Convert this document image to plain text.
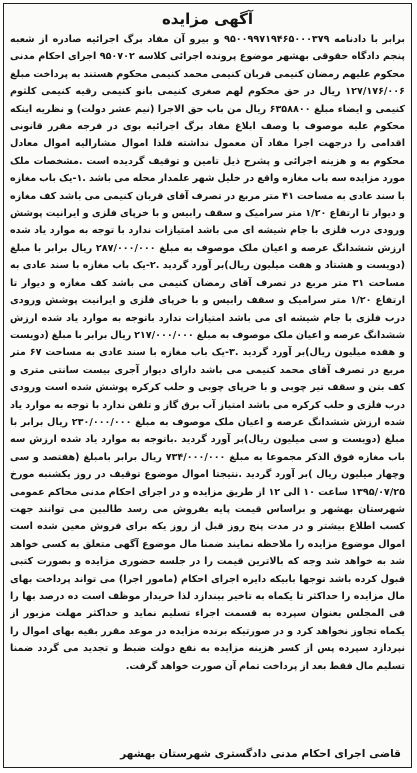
آگهی مزایده
برابر با دادنامه ۹۵۰۰۹۹۷۱۹۴۶۵۰۰۰۳۷۹ و بیرو آن مفاد برگ اجرائیه صادره از شعبه پنجم دادگاه حقوقی بهشهر موضوع پرونده اجرائی کلاسه ۹۵۰۷۰۲ اجرای احکام مدنی محکوم علیهم رمضان کنیمی قربان کنیمی محمد کنیمی محکوم هستند به پرداخت مبلغ ۱۲۷/۱۷۶/۰۰۶ ریال در حق محکوم لهم صغری کنیمی بانو کنیمی رقیه کنیمی کلثوم کنیمی و ایضاء مبلغ ۶۳۵۸۸۰۰ ریال من باب حق الاجرا (نیم عشر دولت) و نظریه اینکه محکوم علیه موصوف با وصف ابلاغ مفاد برگ اجرائیه بوی در فرجه مقرر قانونی اقدامی را درجهت اجرا مفاد آن معمول نداشته فلذا اموال مشاراليه اموال معادل محکوم به و هزینه اجرائی و پشرح ذیل تامین و توقیف گردیده است .مشخصات ملک مورد مزایده سه باب مغازه واقع در خلیل شهر علمدار محله می باشد .۱-یک باب مغازه با سند عادی به مساحت ۴۱ متر مربع در تصرف آقای قربان کنیمی می باشد کف مغازه و دیوار تا ارتفاع ۱/۲۰ متر سرامیک و سقف رابیس و با خرپای فلزی و ایرانیت پوشش ورودی درب فلزی با جام شیشه ای می باشد امتیازات ندارد با توجه به موارد یاد شده ارزش ششدانگ عرصه و اعیان ملک موصوف به مبلغ ۲۸۷/۰۰۰/۰۰۰ ریال برابر با مبلغ (دویست و هشتاد و هفت میلیون ریال)بر آورد گردید .۲-یک باب مغازه با سند عادی به مساحت ۳۱ متر مربع در تصرف آقای رمضان کنیمی می باشد کف مغازه و دیوار تا ارتفاع ۱/۲۰ متر سرامیک و سقف رابیس و با خرپای فلزی و ایرانیت پوشش ورودی درب فلزی با جام شیشه ای می باشد امتیازات ندارد باتوجه به موارد یاد شده ارزش ششدانگ عرصه و اعیان ملک موصوف به مبلغ ۲۱۷/۰۰۰/۰۰۰ ریال برابر با مبلغ (دویست و هفده میلیون ریال)بر آورد گردید .۳-یک باب مغازه با سند عادی به مساحت ۶۷ متر مربع در تصرف آقای محمد کنیمی می باشد دارای دیوار آجری بیست سانتی متری و کف بتن و سقف تیر چوبی و با خرپای چوبی و حلب کرکره پوشش شده است ورودی درب فلزی و حلب کرکره می باشد امتیاز آب برق گاز و تلفن ندارد با توجه به موارد یاد شده ارزش ششدانگ عرصه و اعیان ملک موصوف به مبلغ ۲۳۰/۰۰۰/۰۰۰ ریال برابر با مبلغ (دویست و سی میلیون ریال)بر آورد گردید .باتوجه به موارد یاد شده ارزش سه باب مغازه فوق الذکر مجموعا به مبلغ ۷۳۴/۰۰۰/۰۰۰ ریال برابر بامبلغ (هفتصد و سی وچهار میلیون ریال )بر آورد گردید .نتیجتا اموال موضوع توقیف در روز یکشنبه مورخ ۱۳۹۵/۰۷/۲۵ ساعت ۱۰ الی ۱۲ از طریق مزایده و در اجرای احکام مدنی محاکم عمومی شهرستان بهشهر و براساس قیمت پایه بفروش می رسد طالبین می توانند جهت کسب اطلاع بیشتر و در مدت پنج روز قبل از روز یکه برای فروش معین شده است اموال موضوع مزایده را ملاحظه نمایند ضمنا مال موضوع آگهی متعلق به کسی خواهد شد به خواهد شد وجه که بالاترین قیمت را در جلسه حضوری مزایده و بصورت کتبی قبول کرده باشد توجها بابیکه دایره اجرای احکام (مامور اجرا) می تواند پرداخت بهای مال مزایده را حداکثر تا یکماه به تاخیر بیندازد لذا خریدار موظف است ده درصد بها را فی المجلس بعنوان سپرده به قسمت اجراء تسلیم نماید و حداکثر مهلت مزبور از یکماه تجاوز نخواهد کرد و در صورتیکه برنده مزایده در موعد مقرر بقیه بهای اموال را نپردازد سپرده پس از کسر هزینه مزایده به نفع دولت ضبط و تجدید می گردد ضمنا تسلیم مال فقط بعد از پرداخت تمام آن صورت خواهد گرفت.
قاضی اجرای احکام مدنی دادگستری شهرستان بهشهر
